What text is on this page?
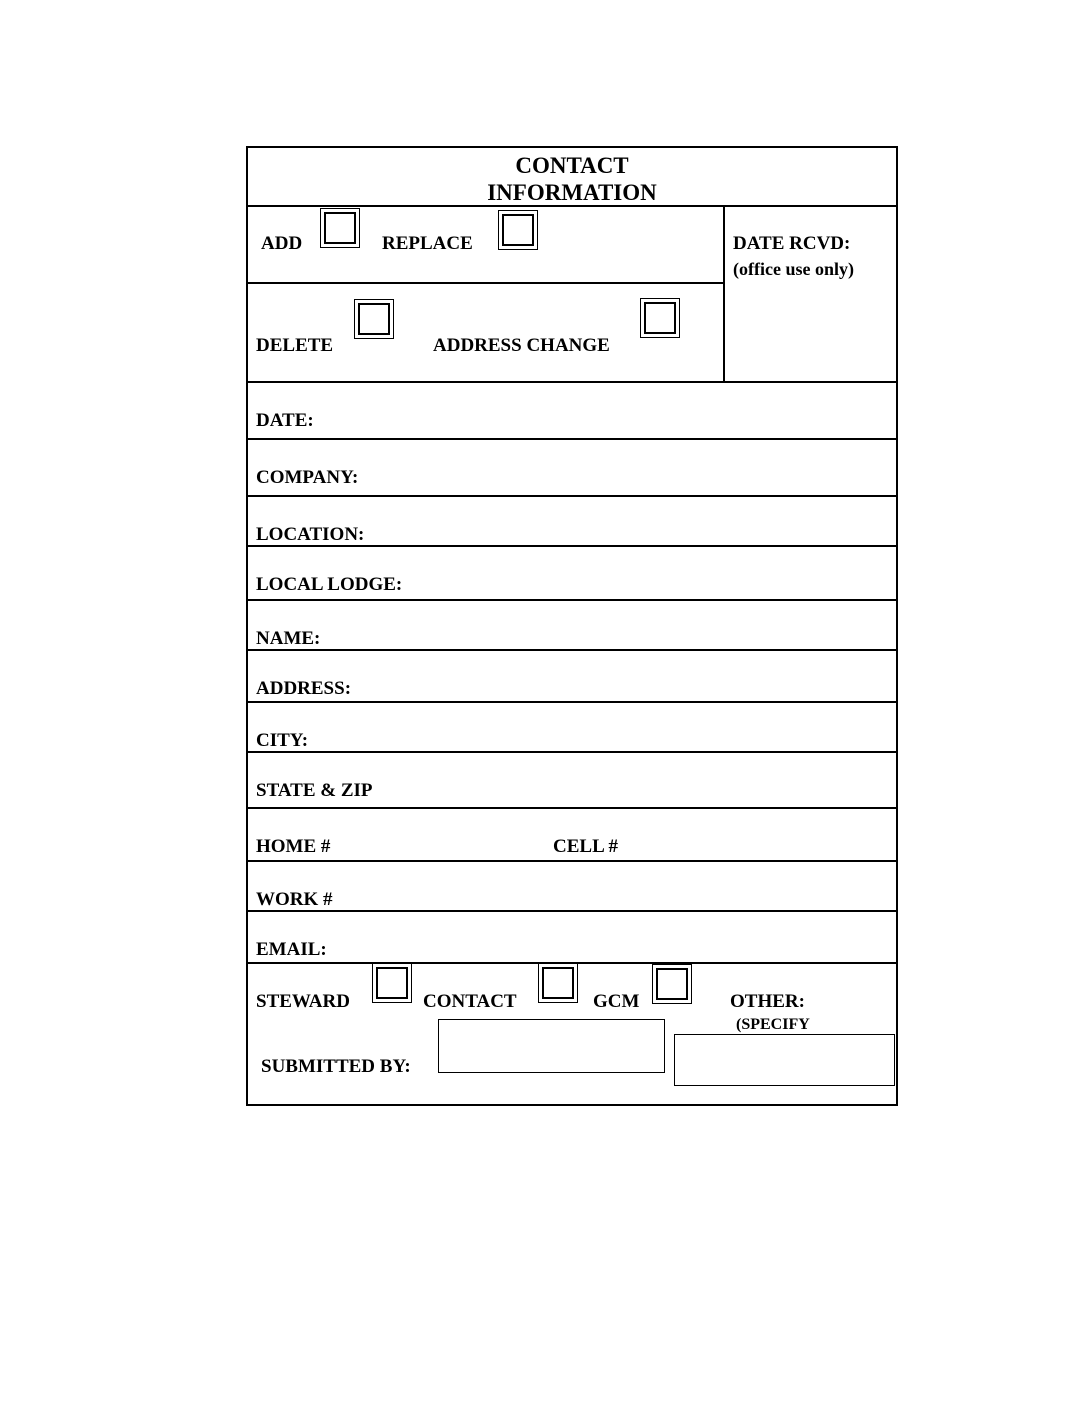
CONTACT
INFORMATION
ADD	REPLACE
DELETE	ADDRESS CHANGE
DATE RCVD:
(office use only)
DATE:
COMPANY:
LOCATION:
LOCAL LODGE:
NAME:
ADDRESS:
CITY:
STATE & ZIP
HOME #	CELL #
WORK #
EMAIL:
STEWARD	CONTACT	GCM	OTHER:
(SPECIFY
SUBMITTED BY:
